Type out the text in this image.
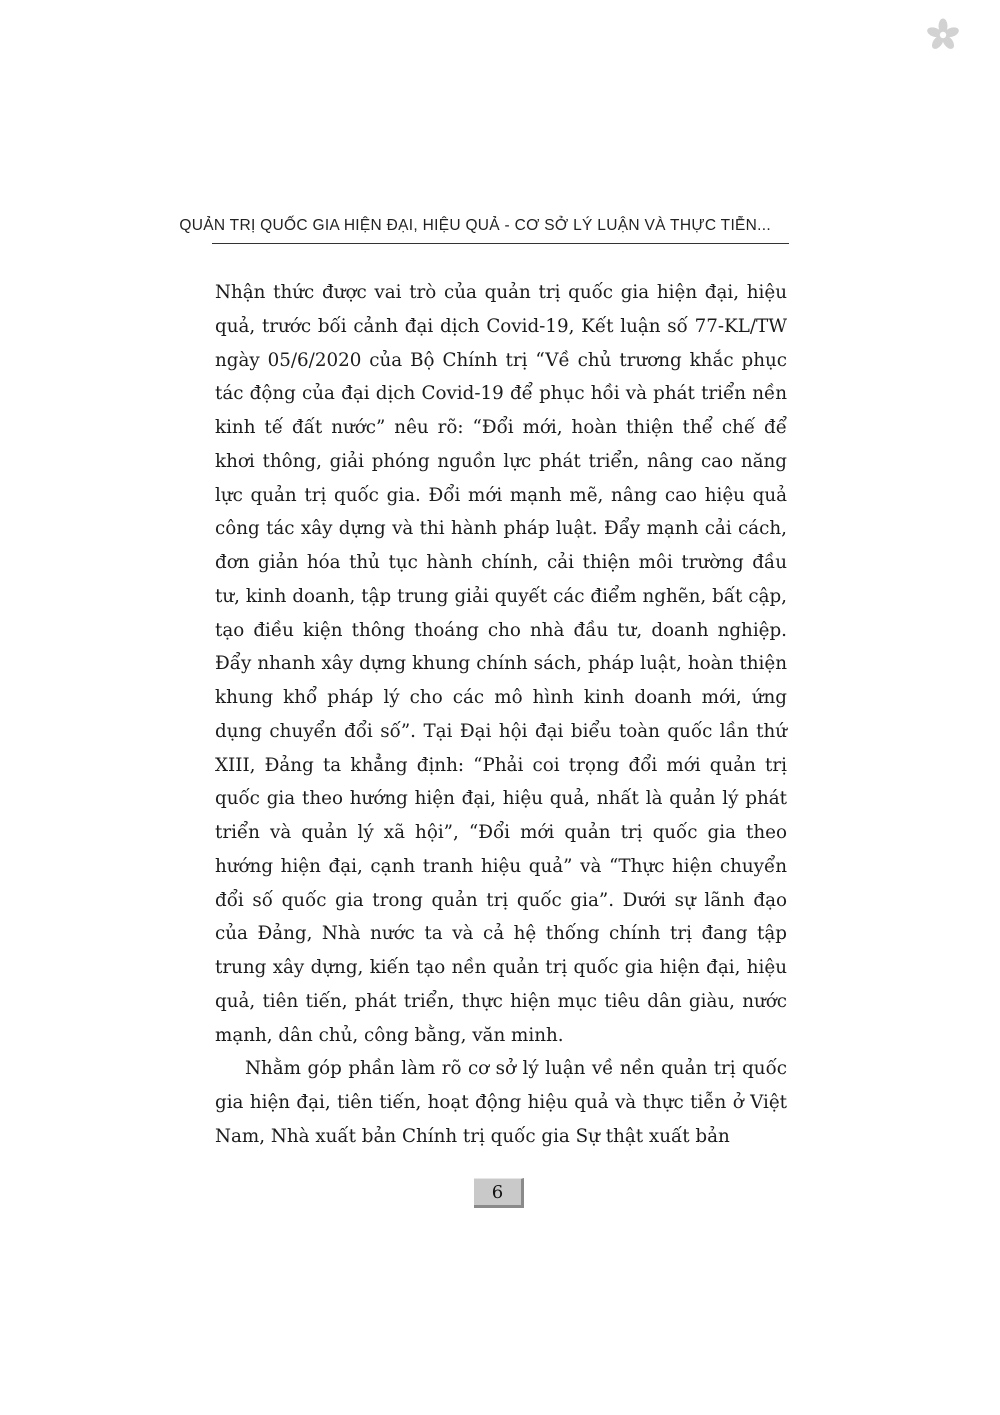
QUẢN TRỊ QUỐC GIA HIỆN ĐẠI, HIỆU QUẢ - CƠ SỞ LÝ LUẬN VÀ THỰC TIỄN...

Nhận thức được vai trò của quản trị quốc gia hiện đại, hiệu quả, trước bối cảnh đại dịch Covid-19, Kết luận số 77-KL/TW ngày 05/6/2020 của Bộ Chính trị “Về chủ trương khắc phục tác động của đại dịch Covid-19 để phục hồi và phát triển nền kinh tế đất nước” nêu rõ: “Đổi mới, hoàn thiện thể chế để khơi thông, giải phóng nguồn lực phát triển, nâng cao năng lực quản trị quốc gia. Đổi mới mạnh mẽ, nâng cao hiệu quả công tác xây dựng và thi hành pháp luật. Đẩy mạnh cải cách, đơn giản hóa thủ tục hành chính, cải thiện môi trường đầu tư, kinh doanh, tập trung giải quyết các điểm nghẽn, bất cập, tạo điều kiện thông thoáng cho nhà đầu tư, doanh nghiệp. Đẩy nhanh xây dựng khung chính sách, pháp luật, hoàn thiện khung khổ pháp lý cho các mô hình kinh doanh mới, ứng dụng chuyển đổi số”. Tại Đại hội đại biểu toàn quốc lần thứ XIII, Đảng ta khẳng định: “Phải coi trọng đổi mới quản trị quốc gia theo hướng hiện đại, hiệu quả, nhất là quản lý phát triển và quản lý xã hội”, “Đổi mới quản trị quốc gia theo hướng hiện đại, cạnh tranh hiệu quả” và “Thực hiện chuyển đổi số quốc gia trong quản trị quốc gia”. Dưới sự lãnh đạo của Đảng, Nhà nước ta và cả hệ thống chính trị đang tập trung xây dựng, kiến tạo nền quản trị quốc gia hiện đại, hiệu quả, tiên tiến, phát triển, thực hiện mục tiêu dân giàu, nước mạnh, dân chủ, công bằng, văn minh.

Nhằm góp phần làm rõ cơ sở lý luận về nền quản trị quốc gia hiện đại, tiên tiến, hoạt động hiệu quả và thực tiễn ở Việt Nam, Nhà xuất bản Chính trị quốc gia Sự thật xuất bản

6
